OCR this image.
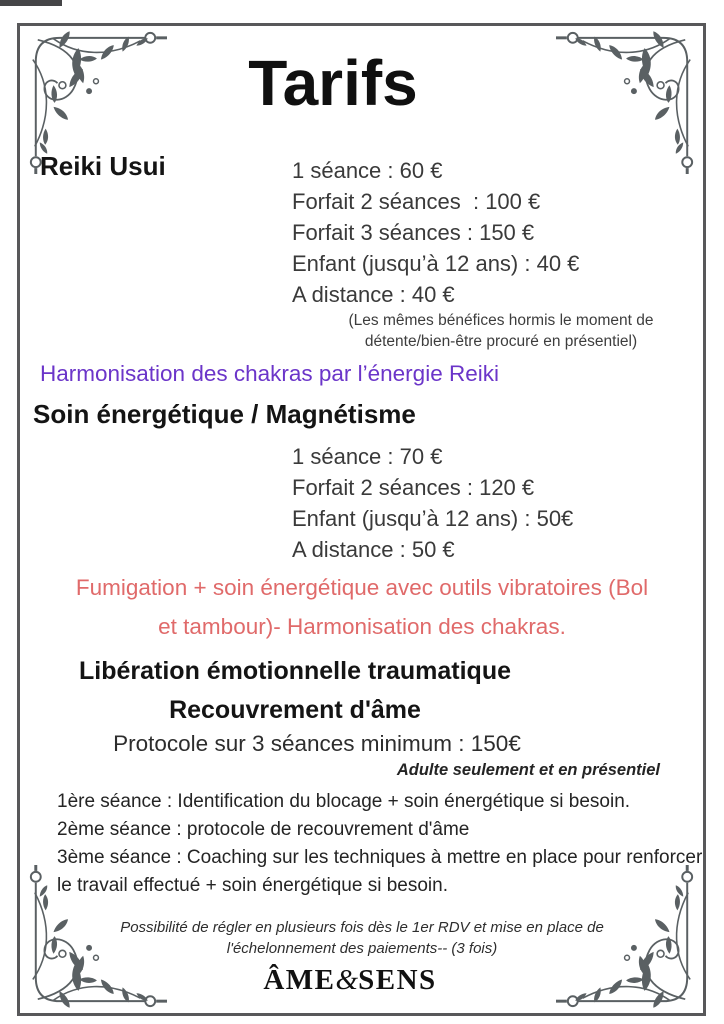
Tarifs
Reiki Usui	1 séance : 60 €
Forfait 2 séances  : 100 €
Forfait 3 séances : 150 €
Enfant (jusqu’à 12 ans) : 40 €
A distance : 40 €
(Les mêmes bénéfices hormis le moment de
détente/bien-être procuré en présentiel)
Harmonisation des chakras par l’énergie Reiki
Soin énergétique / Magnétisme
1 séance : 70 €
Forfait 2 séances : 120 €
Enfant (jusqu’à 12 ans) : 50€
A distance : 50 €
Fumigation + soin énergétique avec outils vibratoires (Bol
et tambour)- Harmonisation des chakras.
Libération émotionnelle traumatique
Recouvrement d'âme
Protocole sur 3 séances minimum : 150€
Adulte seulement et en présentiel
1ère séance : Identification du blocage + soin énergétique si besoin.
2ème séance : protocole de recouvrement d'âme
3ème séance : Coaching sur les techniques à mettre en place pour renforcer le travail effectué + soin énergétique si besoin.
Possibilité de régler en plusieurs fois dès le 1er RDV et mise en place de
l'échelonnement des paiements-- (3 fois)
ÂME&SENS
